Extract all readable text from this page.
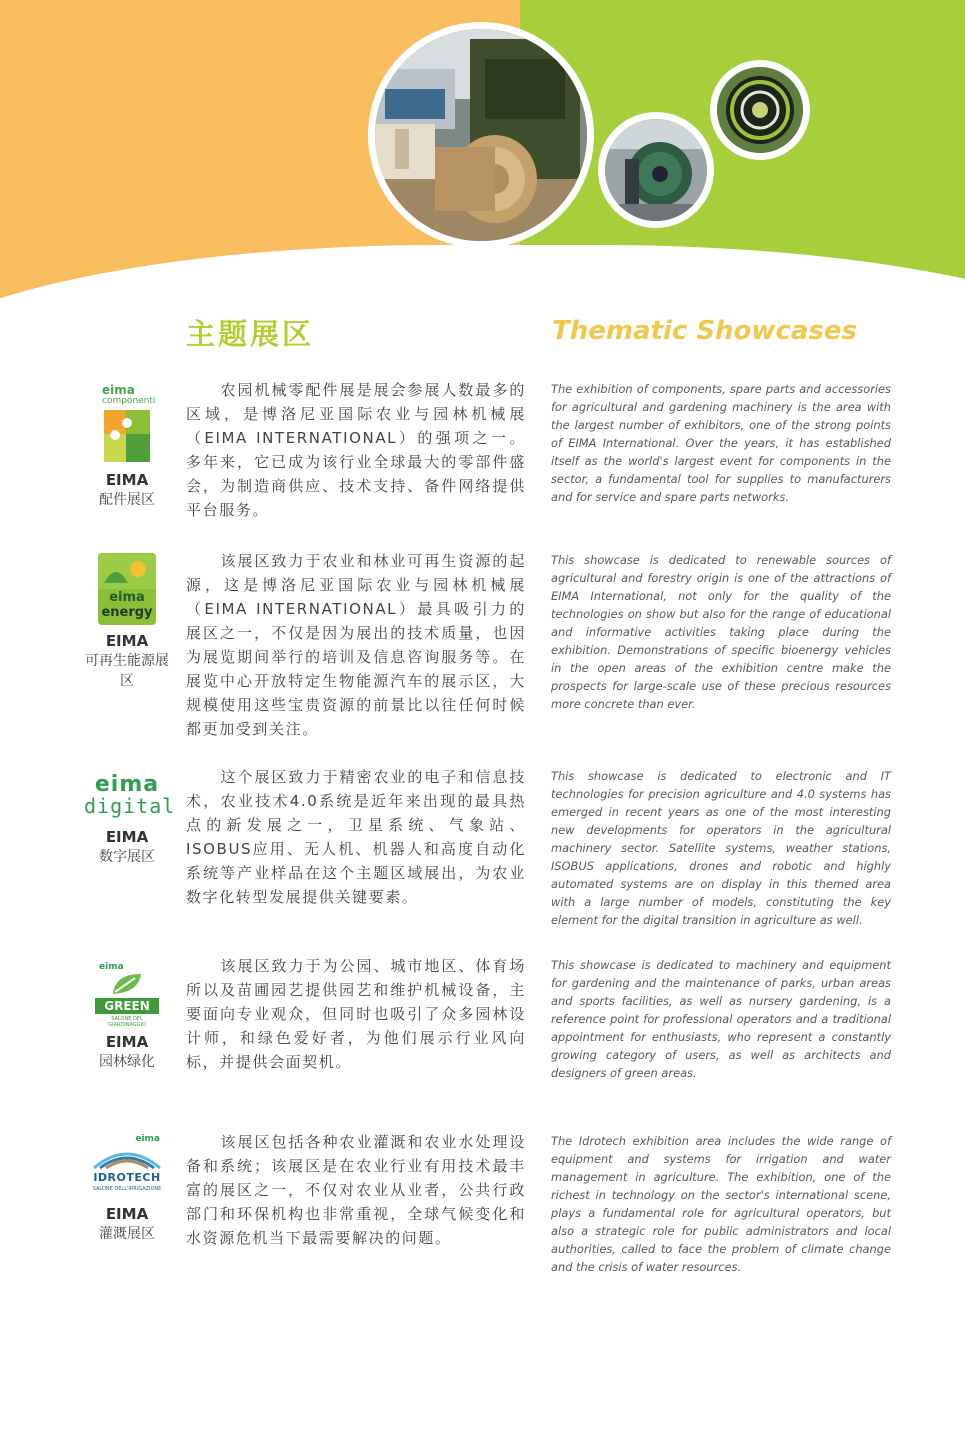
主题展区	Thematic Showcases
eima
componenti
EIMA
配件展区

农园机械零配件展是展会参展人数最多的区域，是博洛尼亚国际农业与园林机械展（EIMA INTERNATIONAL）的强项之一。多年来，它已成为该行业全球最大的零部件盛会，为制造商供应、技术支持、备件网络提供平台服务。

The exhibition of components, spare parts and accessories for agricultural and gardening machinery is the area with the largest number of exhibitors, one of the strong points of EIMA International. Over the years, it has established itself as the world's largest event for components in the sector, a fundamental tool for supplies to manufacturers and for service and spare parts networks.

eima
energy
EIMA
可再生能源展区

该展区致力于农业和林业可再生资源的起源，这是博洛尼亚国际农业与园林机械展（EIMA INTERNATIONAL）最具吸引力的展区之一，不仅是因为展出的技术质量，也因为展览期间举行的培训及信息咨询服务等。在展览中心开放特定生物能源汽车的展示区，大规模使用这些宝贵资源的前景比以往任何时候都更加受到关注。

This showcase is dedicated to renewable sources of agricultural and forestry origin is one of the attractions of EIMA International, not only for the quality of the technologies on show but also for the range of educational and informative activities taking place during the exhibition. Demonstrations of specific bioenergy vehicles in the open areas of the exhibition centre make the prospects for large-scale use of these precious resources more concrete than ever.

eima
digital
EIMA
数字展区

这个展区致力于精密农业的电子和信息技术，农业技术4.0系统是近年来出现的最具热点的新发展之一，卫星系统、气象站、ISOBUS应用、无人机、机器人和高度自动化系统等产业样品在这个主题区域展出，为农业数字化转型发展提供关键要素。

This showcase is dedicated to electronic and IT technologies for precision agriculture and 4.0 systems has emerged in recent years as one of the most interesting new developments for operators in the agricultural machinery sector. Satellite systems, weather stations, ISOBUS applications, drones and robotic and highly automated systems are on display in this themed area with a large number of models, constituting the key element for the digital transition in agriculture as well.

eima
GREEN
SALONE DEL GIARDINAGGIO
EIMA
园林绿化

该展区致力于为公园、城市地区、体育场所以及苗圃园艺提供园艺和维护机械设备，主要面向专业观众，但同时也吸引了众多园林设计师，和绿色爱好者，为他们展示行业风向标，并提供会面契机。

This showcase is dedicated to machinery and equipment for gardening and the maintenance of parks, urban areas and sports facilities, as well as nursery gardening, is a reference point for professional operators and a traditional appointment for enthusiasts, who represent a constantly growing category of users, as well as architects and designers of green areas.

eima
IDROTECH
SALONE DELL'IRRIGAZIONE
EIMA
灌溉展区

该展区包括各种农业灌溉和农业水处理设备和系统；该展区是在农业行业有用技术最丰富的展区之一，不仅对农业从业者，公共行政部门和环保机构也非常重视，全球气候变化和水资源危机当下最需要解决的问题。

The Idrotech exhibition area includes the wide range of equipment and systems for irrigation and water management in agriculture. The exhibition, one of the richest in technology on the sector's international scene, plays a fundamental role for agricultural operators, but also a strategic role for public administrators and local authorities, called to face the problem of climate change and the crisis of water resources.
